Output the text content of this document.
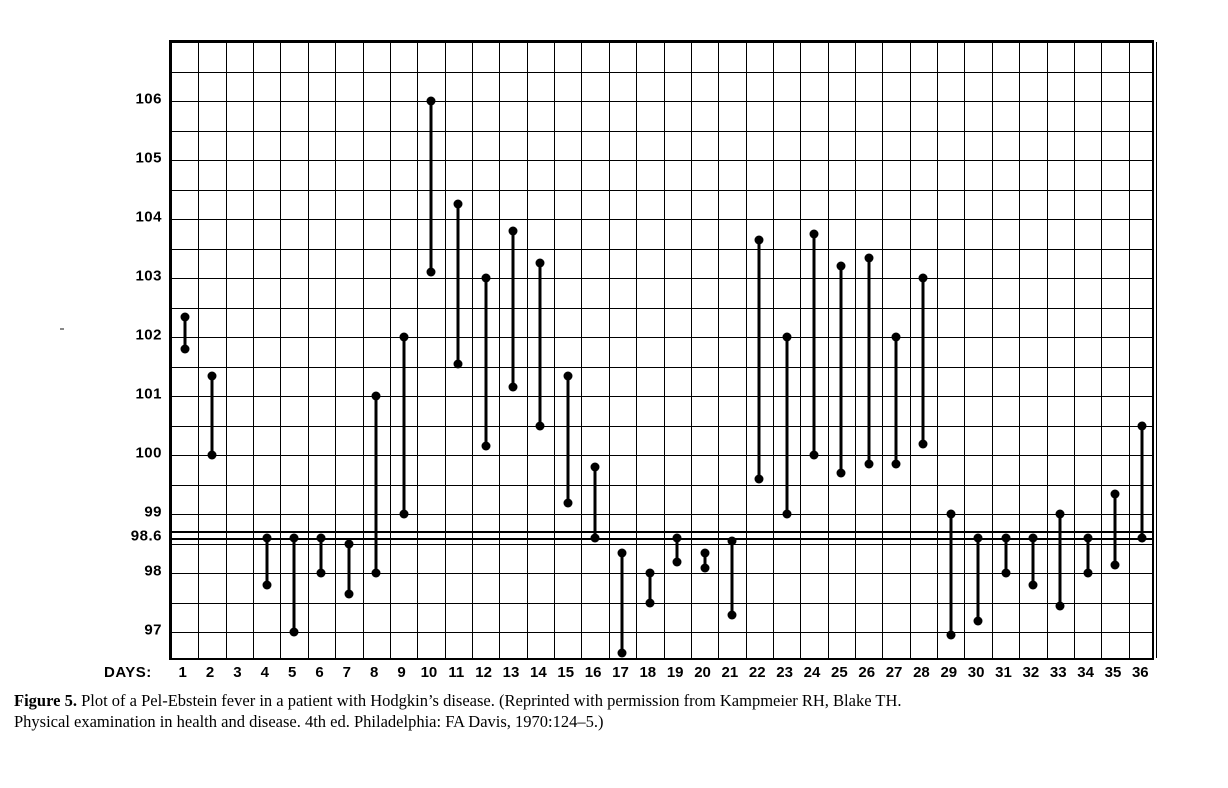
106
105
104
103
102
101
100
99
98.6
98
97
1 2 3 4 5 6 7 8 9 10 11 12 13 14 15 16 17 18 19 20 21 22 23 24 25 26 27 28 29 30 31 32 33 34 35 36
DAYS:
Figure 5. Plot of a Pel-Ebstein fever in a patient with Hodgkin’s disease. (Reprinted with permission from Kampmeier RH, Blake TH.
Physical examination in health and disease. 4th ed. Philadelphia: FA Davis, 1970:124–5.)
